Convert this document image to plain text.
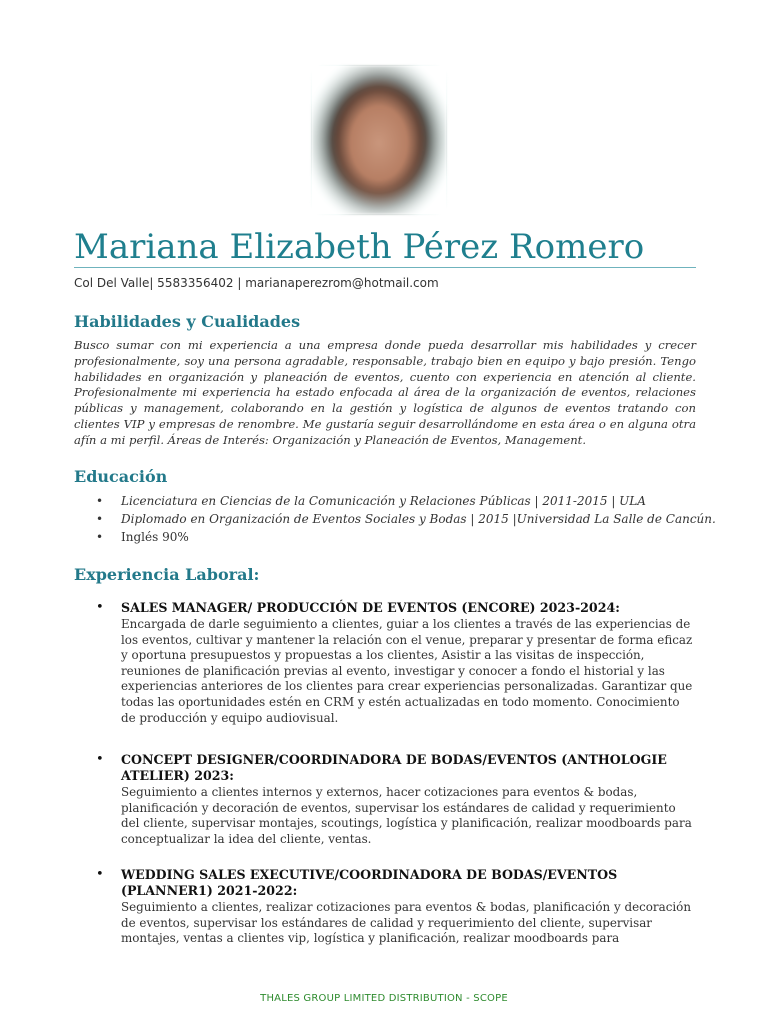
Mariana Elizabeth Pérez Romero
Col Del Valle| 5583356402 | marianaperezrom@hotmail.com
Habilidades y Cualidades
Busco sumar con mi experiencia a una empresa donde pueda desarrollar mis habilidades y crecer profesionalmente, soy una persona agradable, responsable, trabajo bien en equipo y bajo presión. Tengo habilidades en organización y planeación de eventos, cuento con experiencia en atención al cliente. Profesionalmente mi experiencia ha estado enfocada al área de la organización de eventos, relaciones públicas y management, colaborando en la gestión y logística de algunos de eventos tratando con clientes VIP y empresas de renombre. Me gustaría seguir desarrollándome en esta área o en alguna otra afín a mi perfil. Áreas de Interés: Organización y Planeación de Eventos, Management.
Educación
• Licenciatura en Ciencias de la Comunicación y Relaciones Públicas | 2011-2015 | ULA
• Diplomado en Organización de Eventos Sociales y Bodas | 2015 |Universidad La Salle de Cancún.
• Inglés 90%
Experiencia Laboral:
•	SALES MANAGER/ PRODUCCIÓN DE EVENTOS (ENCORE) 2023-2024:
Encargada de darle seguimiento a clientes, guiar a los clientes a través de las experiencias de los eventos, cultivar y mantener la relación con el venue, preparar y presentar de forma eficaz y oportuna presupuestos y propuestas a los clientes, Asistir a las visitas de inspección, reuniones de planificación previas al evento, investigar y conocer a fondo el historial y las experiencias anteriores de los clientes para crear experiencias personalizadas. Garantizar que todas las oportunidades estén en CRM y estén actualizadas en todo momento. Conocimiento de producción y equipo audiovisual.
•	CONCEPT DESIGNER/COORDINADORA DE BODAS/EVENTOS (ANTHOLOGIE ATELIER) 2023:
Seguimiento a clientes internos y externos, hacer cotizaciones para eventos & bodas, planificación y decoración de eventos, supervisar los estándares de calidad y requerimiento del cliente, supervisar montajes, scoutings, logística y planificación, realizar moodboards para conceptualizar la idea del cliente, ventas.
•	WEDDING SALES EXECUTIVE/COORDINADORA DE BODAS/EVENTOS (PLANNER1) 2021-2022:
Seguimiento a clientes, realizar cotizaciones para eventos & bodas, planificación y decoración de eventos, supervisar los estándares de calidad y requerimiento del cliente, supervisar montajes, ventas a clientes vip, logística y planificación, realizar moodboards para
THALES GROUP LIMITED DISTRIBUTION - SCOPE
